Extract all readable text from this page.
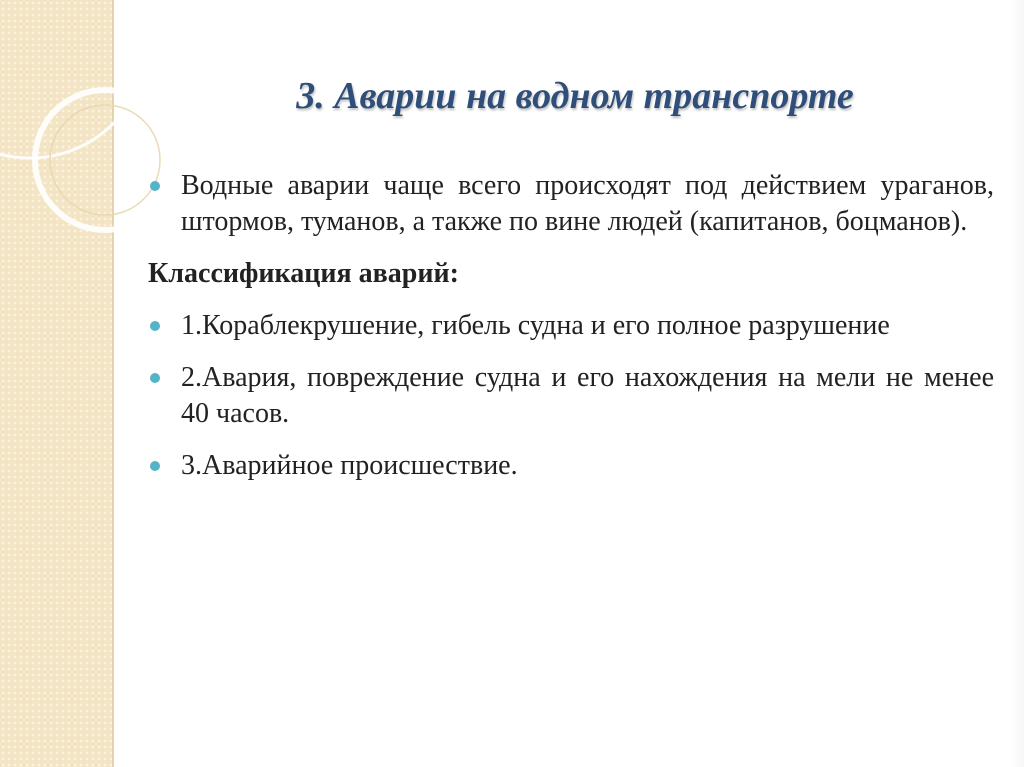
3. Аварии на водном транспорте
Водные аварии чаще всего происходят под действием ураганов, штормов, туманов, а также по вине людей (капитанов, боцманов).
Классификация аварий:
1.Кораблекрушение, гибель судна и его полное разрушение
2.Авария, повреждение судна и его нахождения на мели не менее 40 часов.
3.Аварийное происшествие.
